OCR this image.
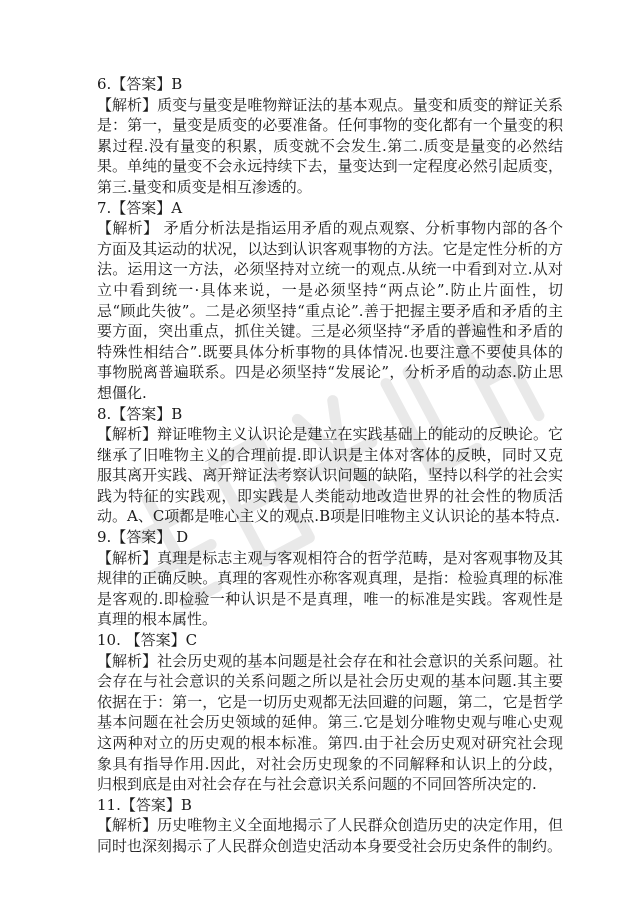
6.【答案】B

【解析】质变与量变是唯物辩证法的基本观点。量变和质变的辩证关系是：第一，量变是质变的必要准备。任何事物的变化都有一个量变的积累过程.没有量变的积累，质变就不会发生.第二.质变是量变的必然结果。单纯的量变不会永远持续下去，量变达到一定程度必然引起质变，第三.量变和质变是相互渗透的。

7.【答案】A

【解析】 矛盾分析法是指运用矛盾的观点观察、分析事物内部的各个方面及其运动的状况，以达到认识客观事物的方法。它是定性分析的方法。运用这一方法，必须坚持对立统一的观点.从统一中看到对立.从对立中看到统一·具体来说，一是必须坚持“两点论”.防止片面性，切忌“顾此失彼”。二是必须坚持“重点论”.善于把握主要矛盾和矛盾的主要方面，突出重点，抓住关键。三是必须坚持“矛盾的普遍性和矛盾的特殊性相结合”.既要具体分析事物的具体情况.也要注意不要使具体的事物脱离普遍联系。四是必须坚持“发展论”，分析矛盾的动态.防止思想僵化.

8.【答案】B

【解析】辩证唯物主义认识论是建立在实践基础上的能动的反映论。它继承了旧唯物主义的合理前提.即认识是主体对客体的反映，同时又克服其离开实践、离开辩证法考察认识问题的缺陷，坚持以科学的社会实践为特征的实践观，即实践是人类能动地改造世界的社会性的物质活动。A、C项都是唯心主义的观点.B项是旧唯物主义认识论的基本特点.

9.【答案】 D

【解析】真理是标志主观与客观相符合的哲学范畴，是对客观事物及其规律的正确反映。真理的客观性亦称客观真理，是指：检验真理的标准是客观的.即检验一种认识是不是真理，唯一的标准是实践。客观性是真理的根本属性。

10. 【答案】C

【解析】社会历史观的基本问题是社会存在和社会意识的关系问题。社会存在与社会意识的关系问题之所以是社会历史观的基本问题.其主要依据在于：第一，它是一切历史观都无法回避的问题，第二，它是哲学基本问题在社会历史领域的延伸。第三.它是划分唯物史观与唯心史观这两种对立的历史观的根本标准。第四.由于社会历史观对研究社会现象具有指导作用.因此，对社会历史现象的不同解释和认识上的分歧，归根到底是由对社会存在与社会意识关系问题的不同回答所决定的.

11.【答案】B

【解析】历史唯物主义全面地揭示了人民群众创造历史的决定作用，但同时也深刻揭示了人民群众创造史活动本身要受社会历史条件的制约。
